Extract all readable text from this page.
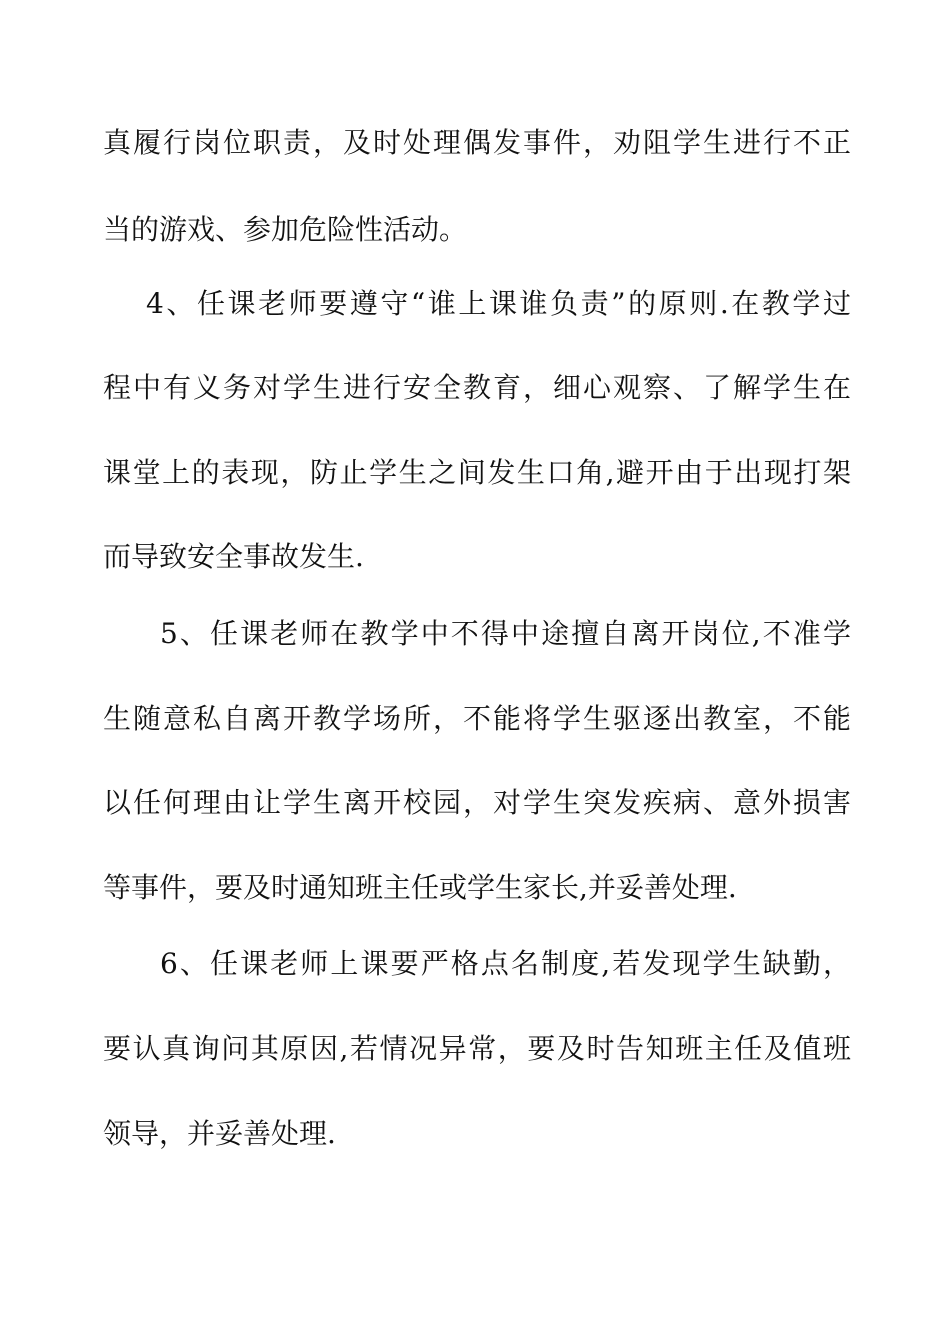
真履行岗位职责，及时处理偶发事件，劝阻学生进行不正
当的游戏、参加危险性活动。
4、任课老师要遵守“谁上课谁负责”的原则.在教学过
程中有义务对学生进行安全教育，细心观察、了解学生在
课堂上的表现，防止学生之间发生口角,避开由于出现打架
而导致安全事故发生.
5、任课老师在教学中不得中途擅自离开岗位,不准学
生随意私自离开教学场所，不能将学生驱逐出教室，不能
以任何理由让学生离开校园，对学生突发疾病、意外损害
等事件，要及时通知班主任或学生家长,并妥善处理.
6、任课老师上课要严格点名制度,若发现学生缺勤，
要认真询问其原因,若情况异常，要及时告知班主任及值班
领导，并妥善处理.
